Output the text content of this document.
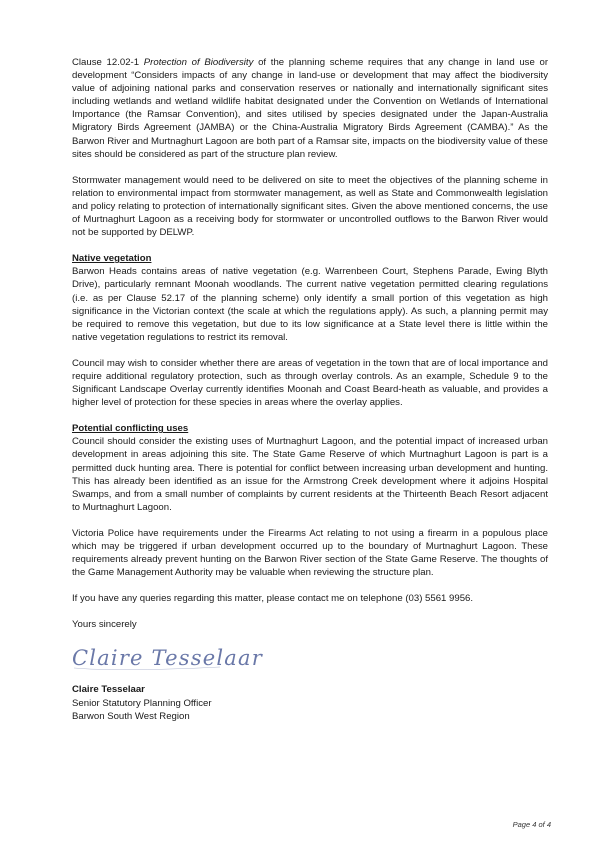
Clause 12.02-1 Protection of Biodiversity of the planning scheme requires that any change in land use or development “Considers impacts of any change in land-use or development that may affect the biodiversity value of adjoining national parks and conservation reserves or nationally and internationally significant sites including wetlands and wetland wildlife habitat designated under the Convention on Wetlands of International Importance (the Ramsar Convention), and sites utilised by species designated under the Japan-Australia Migratory Birds Agreement (JAMBA) or the China-Australia Migratory Birds Agreement (CAMBA).” As the Barwon River and Murtnaghurt Lagoon are both part of a Ramsar site, impacts on the biodiversity value of these sites should be considered as part of the structure plan review.

Stormwater management would need to be delivered on site to meet the objectives of the planning scheme in relation to environmental impact from stormwater management, as well as State and Commonwealth legislation and policy relating to protection of internationally significant sites. Given the above mentioned concerns, the use of Murtnaghurt Lagoon as a receiving body for stormwater or uncontrolled outflows to the Barwon River would not be supported by DELWP.

Native vegetation

Barwon Heads contains areas of native vegetation (e.g. Warrenbeen Court, Stephens Parade, Ewing Blyth Drive), particularly remnant Moonah woodlands. The current native vegetation permitted clearing regulations (i.e. as per Clause 52.17 of the planning scheme) only identify a small portion of this vegetation as high significance in the Victorian context (the scale at which the regulations apply). As such, a planning permit may be required to remove this vegetation, but due to its low significance at a State level there is little within the native vegetation regulations to restrict its removal.

Council may wish to consider whether there are areas of vegetation in the town that are of local importance and require additional regulatory protection, such as through overlay controls. As an example, Schedule 9 to the Significant Landscape Overlay currently identifies Moonah and Coast Beard-heath as valuable, and provides a higher level of protection for these species in areas where the overlay applies.

Potential conflicting uses

Council should consider the existing uses of Murtnaghurt Lagoon, and the potential impact of increased urban development in areas adjoining this site. The State Game Reserve of which Murtnaghurt Lagoon is part is a permitted duck hunting area. There is potential for conflict between increasing urban development and hunting. This has already been identified as an issue for the Armstrong Creek development where it adjoins Hospital Swamps, and from a small number of complaints by current residents at the Thirteenth Beach Resort adjacent to Murtnaghurt Lagoon.

Victoria Police have requirements under the Firearms Act relating to not using a firearm in a populous place which may be triggered if urban development occurred up to the boundary of Murtnaghurt Lagoon. These requirements already prevent hunting on the Barwon River section of the State Game Reserve. The thoughts of the Game Management Authority may be valuable when reviewing the structure plan.

If you have any queries regarding this matter, please contact me on telephone (03) 5561 9956.

Yours sincerely

Claire Tesselaar

Claire Tesselaar

Senior Statutory Planning Officer

Barwon South West Region

Page 4 of 4
